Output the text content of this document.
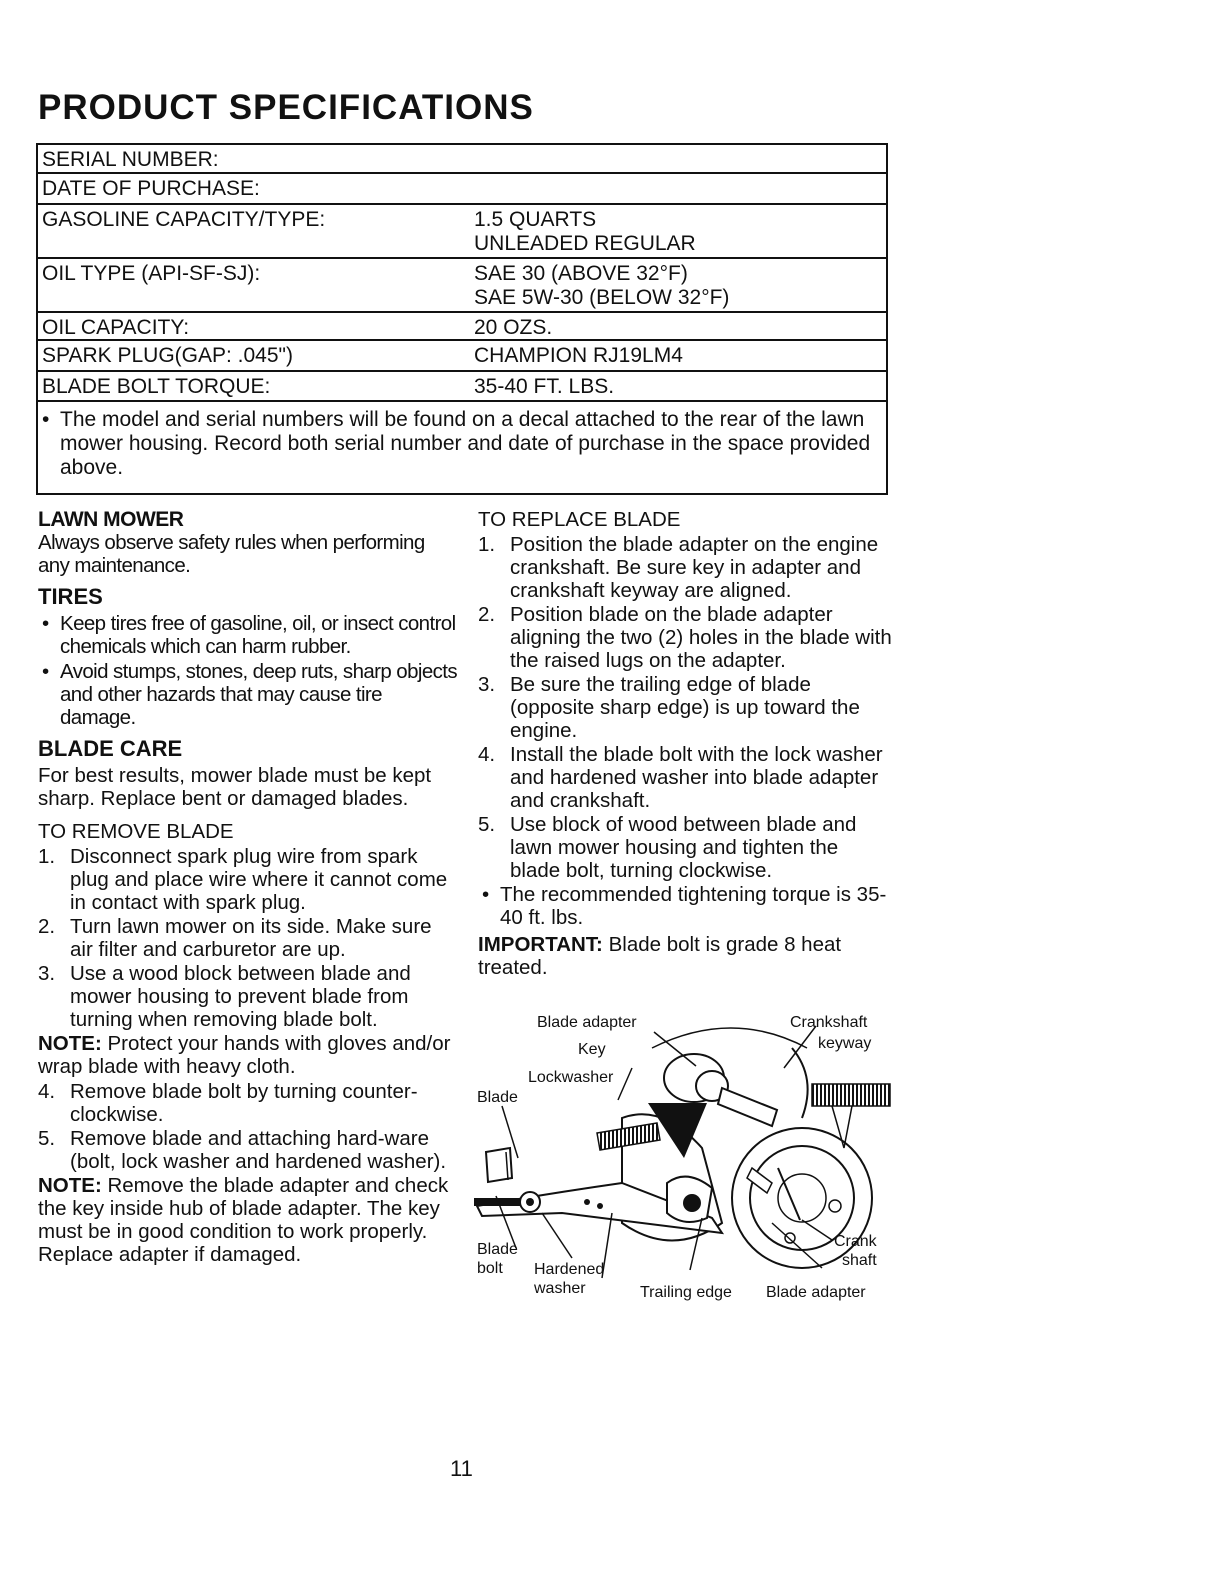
PRODUCT SPECIFICATIONS
SERIAL NUMBER:
DATE OF PURCHASE:
GASOLINE CAPACITY/TYPE:	1.5 QUARTS
UNLEADED REGULAR
OIL TYPE (API-SF-SJ):	SAE 30 (ABOVE 32°F)
SAE 5W-30 (BELOW 32°F)
OIL CAPACITY:	20 OZS.
SPARK PLUG(GAP: .045")	CHAMPION RJ19LM4
BLADE BOLT TORQUE:	35-40 FT. LBS.
• The model and serial numbers will be found on a decal attached to the rear of the lawn mower housing. Record both serial number and date of purchase in the space provided above.
LAWN MOWER

Always observe safety rules when performing any maintenance.

TIRES
• Keep tires free of gasoline, oil, or insect control chemicals which can harm rubber.
• Avoid stumps, stones, deep ruts, sharp objects and other hazards that may cause tire damage.
BLADE CARE

For best results, mower blade must be kept sharp. Replace bent or damaged blades.

TO REMOVE BLADE

1. Disconnect spark plug wire from spark plug and place wire where it cannot come in contact with spark plug.
2. Turn lawn mower on its side. Make sure air filter and carburetor are up.
3. Use a wood block between blade and mower housing to prevent blade from turning when removing blade bolt.

NOTE: Protect your hands with gloves and/or wrap blade with heavy cloth.

4. Remove blade bolt by turning counter-clockwise.
5. Remove blade and attaching hard-ware (bolt, lock washer and hardened washer).

NOTE: Remove the blade adapter and check the key inside hub of blade adapter. The key must be in good condition to work properly. Replace adapter if damaged.

TO REPLACE BLADE

1. Position the blade adapter on the engine crankshaft. Be sure key in adapter and crankshaft keyway are aligned.
2. Position blade on the blade adapter aligning the two (2) holes in the blade with the raised lugs on the adapter.
3. Be sure the trailing edge of blade (opposite sharp edge) is up toward the engine.
4. Install the blade bolt with the lock washer and hardened washer into blade adapter and crankshaft.
5. Use block of wood between blade and lawn mower housing and tighten the blade bolt, turning clockwise.
• The recommended tightening torque is 35-40 ft. lbs.

IMPORTANT: Blade bolt is grade 8 heat treated.

Blade adapter	Crankshaft
keyway
Key
Lockwasher
Blade
Blade
bolt	Hardened
washer	Trailing edge Blade adapter
Crank
shaft
11
